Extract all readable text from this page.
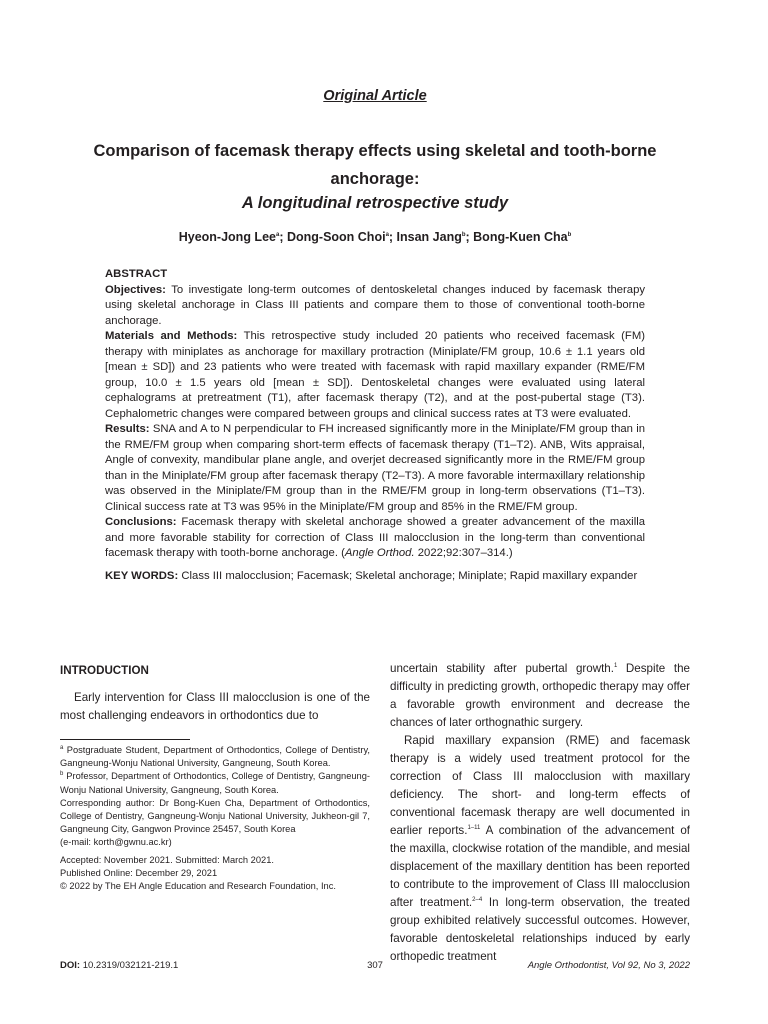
Original Article
Comparison of facemask therapy effects using skeletal and tooth-borne anchorage:
A longitudinal retrospective study
Hyeon-Jong Lee$^a$; Dong-Soon Choi$^a$; Insan Jang$^b$; Bong-Kuen Cha$^b$

ABSTRACT

Objectives: To investigate long-term outcomes of dentoskeletal changes induced by facemask therapy using skeletal anchorage in Class III patients and compare them to those of conventional tooth-borne anchorage.

Materials and Methods: This retrospective study included 20 patients who received facemask (FM) therapy with miniplates as anchorage for maxillary protraction (Miniplate/FM group, 10.6 ± 1.1 years old [mean ± SD]) and 23 patients who were treated with facemask with rapid maxillary expander (RME/FM group, 10.0 ± 1.5 years old [mean ± SD]). Dentoskeletal changes were evaluated using lateral cephalograms at pretreatment (T1), after facemask therapy (T2), and at the post-pubertal stage (T3). Cephalometric changes were compared between groups and clinical success rates at T3 were evaluated.

Results: SNA and A to N perpendicular to FH increased significantly more in the Miniplate/FM group than in the RME/FM group when comparing short-term effects of facemask therapy (T1–T2). ANB, Wits appraisal, Angle of convexity, mandibular plane angle, and overjet decreased significantly more in the RME/FM group than in the Miniplate/FM group after facemask therapy (T2–T3). A more favorable intermaxillary relationship was observed in the Miniplate/FM group than in the RME/FM group in long-term observations (T1–T3). Clinical success rate at T3 was 95% in the Miniplate/FM group and 85% in the RME/FM group.

Conclusions: Facemask therapy with skeletal anchorage showed a greater advancement of the maxilla and more favorable stability for correction of Class III malocclusion in the long-term than conventional facemask therapy with tooth-borne anchorage. (Angle Orthod. 2022;92:307–314.)

KEY WORDS: Class III malocclusion; Facemask; Skeletal anchorage; Miniplate; Rapid maxillary expander

INTRODUCTION

Early intervention for Class III malocclusion is one of the most challenging endeavors in orthodontics due to

$^a$ Postgraduate Student, Department of Orthodontics, College of Dentistry, Gangneung-Wonju National University, Gangneung, South Korea.

$^b$ Professor, Department of Orthodontics, College of Dentistry, Gangneung-Wonju National University, Gangneung, South Korea.

Corresponding author: Dr Bong-Kuen Cha, Department of Orthodontics, College of Dentistry, Gangneung-Wonju National University, Jukheon-gil 7, Gangneung City, Gangwon Province 25457, South Korea

(e-mail: korth@gwnu.ac.kr)

Accepted: November 2021. Submitted: March 2021.

Published Online: December 29, 2021

© 2022 by The EH Angle Education and Research Foundation, Inc.

uncertain stability after pubertal growth.$^1$ Despite the difficulty in predicting growth, orthopedic therapy may offer a favorable growth environment and decrease the chances of later orthognathic surgery.

Rapid maxillary expansion (RME) and facemask therapy is a widely used treatment protocol for the correction of Class III malocclusion with maxillary deficiency. The short- and long-term effects of conventional facemask therapy are well documented in earlier reports.$^{1-11}$ A combination of the advancement of the maxilla, clockwise rotation of the mandible, and mesial displacement of the maxillary dentition has been reported to contribute to the improvement of Class III malocclusion after treatment.$^{2-4}$ In long-term observation, the treated group exhibited relatively successful outcomes. However, favorable dentoskeletal relationships induced by early orthopedic treatment

DOI: 10.2319/032121-219.1	307	Angle Orthodontist, Vol 92, No 3, 2022
